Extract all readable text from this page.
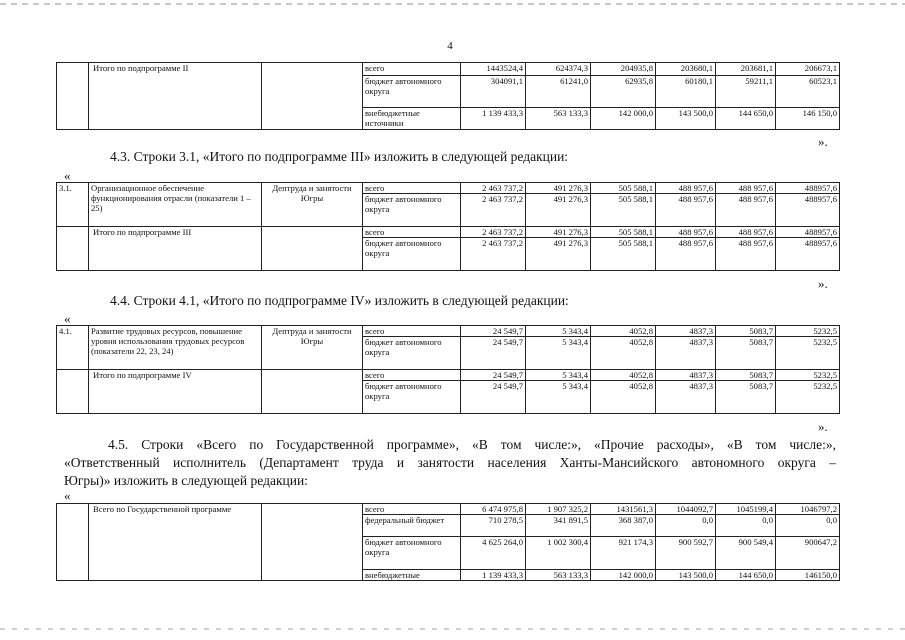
4
	Итого по подпрограмме II		всего	1443524,4	624374,3	204935,8	203680,1	203681,1	206673,1
			бюджет автономного округа	304091,1	61241,0	62935,8	60180,1	59211,1	60523,1
			внебюджетные источники	1 139 433,3	563 133,3	142 000,0	143 500,0	144 650,0	146 150,0
».
4.3. Строки 3.1, «Итого по подпрограмме III» изложить в следующей редакции:
«
3.1.	Организационное обеспечение функционирования отрасли (показатели 1 – 25)	Дептруда и занятости Югры	всего	2 463 737,2	491 276,3	505 588,1	488 957,6	488 957,6	488957,6
			бюджет автономного округа	2 463 737,2	491 276,3	505 588,1	488 957,6	488 957,6	488957,6
	Итого по подпрограмме III		всего	2 463 737,2	491 276,3	505 588,1	488 957,6	488 957,6	488957,6
			бюджет автономного округа	2 463 737,2	491 276,3	505 588,1	488 957,6	488 957,6	488957,6
».
4.4. Строки 4.1, «Итого по подпрограмме IV» изложить в следующей редакции:
«
4.1.	Развитие трудовых ресурсов, повышение уровня использования трудовых ресурсов (показатели 22, 23, 24)	Дептруда и занятости Югры	всего	24 549,7	5 343,4	4052,8	4837,3	5083,7	5232,5
			бюджет автономного округа	24 549,7	5 343,4	4052,8	4837,3	5083,7	5232,5
	Итого по подпрограмме IV		всего	24 549,7	5 343,4	4052,8	4837,3	5083,7	5232,5
			бюджет автономного округа	24 549,7	5 343,4	4052,8	4837,3	5083,7	5232,5
».
4.5. Строки «Всего по Государственной программе», «В том числе:», «Прочие расходы», «В том числе:»,
«Ответственный исполнитель (Департамент труда и занятости населения Ханты-Мансийского автономного округа –
Югры)» изложить в следующей редакции:
«
	Всего по Государственной программе		всего	6 474 975,8	1 907 325,2	1431561,3	1044092,7	1045199,4	1046797,2
			федеральный бюджет	710 278,5	341 891,5	368 387,0	0,0	0,0	0,0
			бюджет автономного округа	4 625 264,0	1 002 300,4	921 174,3	900 592,7	900 549,4	900647,2
			внебюджетные	1 139 433,3	563 133,3	142 000,0	143 500,0	144 650,0	146150,0
